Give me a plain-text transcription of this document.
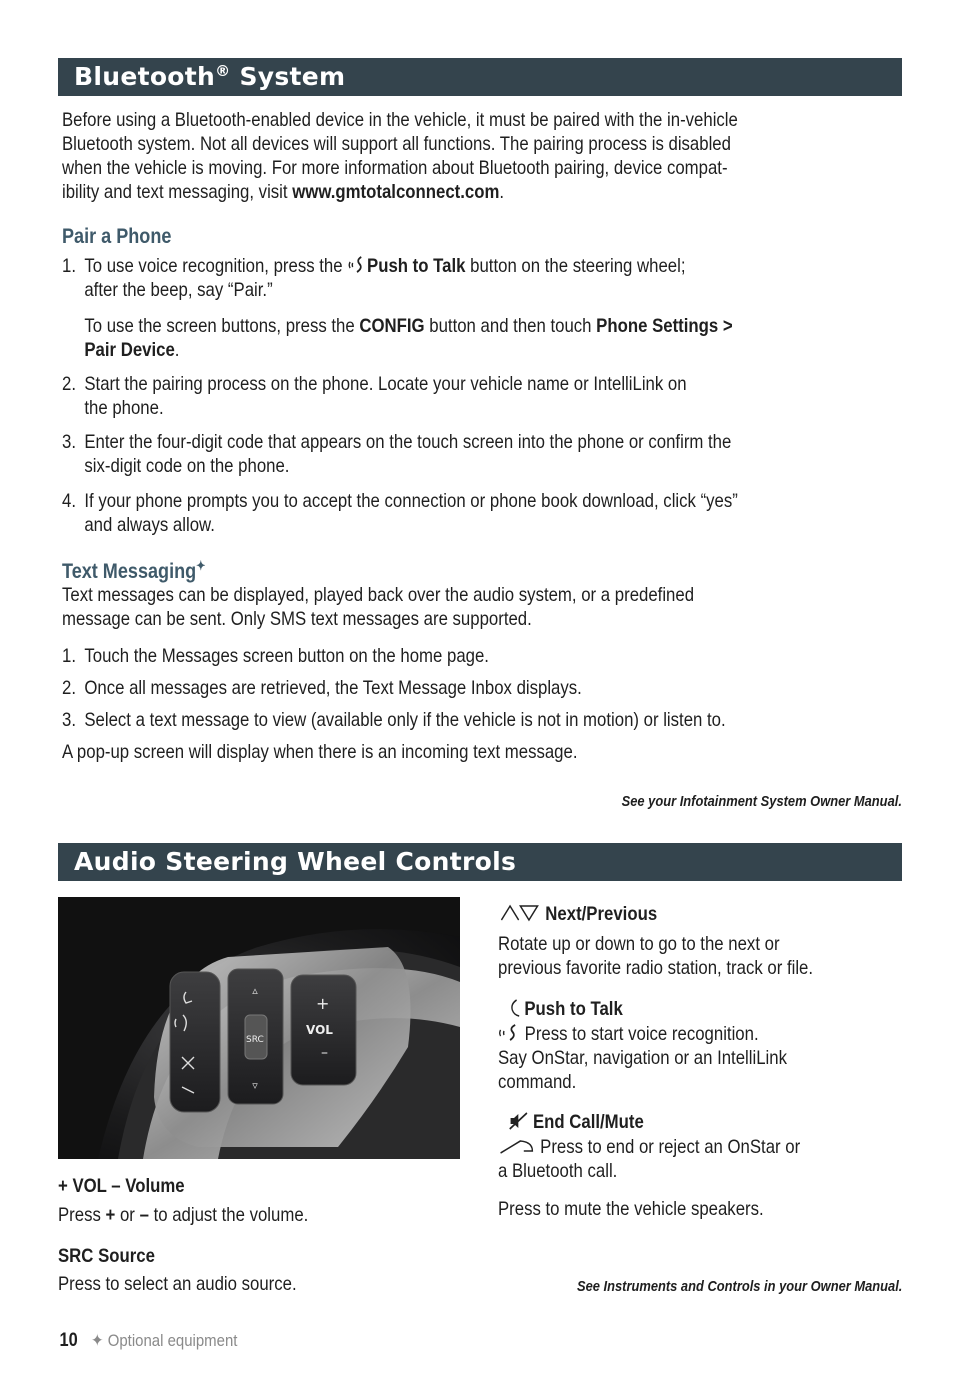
Bluetooth® System
Before using a Bluetooth-enabled device in the vehicle, it must be paired with the in-vehicle
Bluetooth system. Not all devices will support all functions. The pairing process is disabled
when the vehicle is moving. For more information about Bluetooth pairing, device compat-
ibility and text messaging, visit www.gmtotalconnect.com.
Pair a Phone
1. To use voice recognition, press the Push to Talk button on the steering wheel;
after the beep, say “Pair.”
To use the screen buttons, press the CONFIG button and then touch Phone Settings >
Pair Device.
2. Start the pairing process on the phone. Locate your vehicle name or IntelliLink on
the phone.
3. Enter the four-digit code that appears on the touch screen into the phone or confirm the
six-digit code on the phone.
4. If your phone prompts you to accept the connection or phone book download, click “yes”
and always allow.
Text Messaging✦
Text messages can be displayed, played back over the audio system, or a predefined
message can be sent. Only SMS text messages are supported.
1. Touch the Messages screen button on the home page.
2. Once all messages are retrieved, the Text Message Inbox displays.
3. Select a text message to view (available only if the vehicle is not in motion) or listen to.
A pop-up screen will display when there is an incoming text message.
See your Infotainment System Owner Manual.
Audio Steering Wheel Controls
▵
SRC
▿
+
VOL
–
+ VOL – Volume
Press + or – to adjust the volume.
SRC Source
Press to select an audio source.
Next/Previous
Rotate up or down to go to the next or
previous favorite radio station, track or file.
Push to Talk
Press to start voice recognition.
Say OnStar, navigation or an IntelliLink
command.
End Call/Mute
Press to end or reject an OnStar or
a Bluetooth call.
Press to mute the vehicle speakers.
See Instruments and Controls in your Owner Manual.
10 ✦ Optional equipment
